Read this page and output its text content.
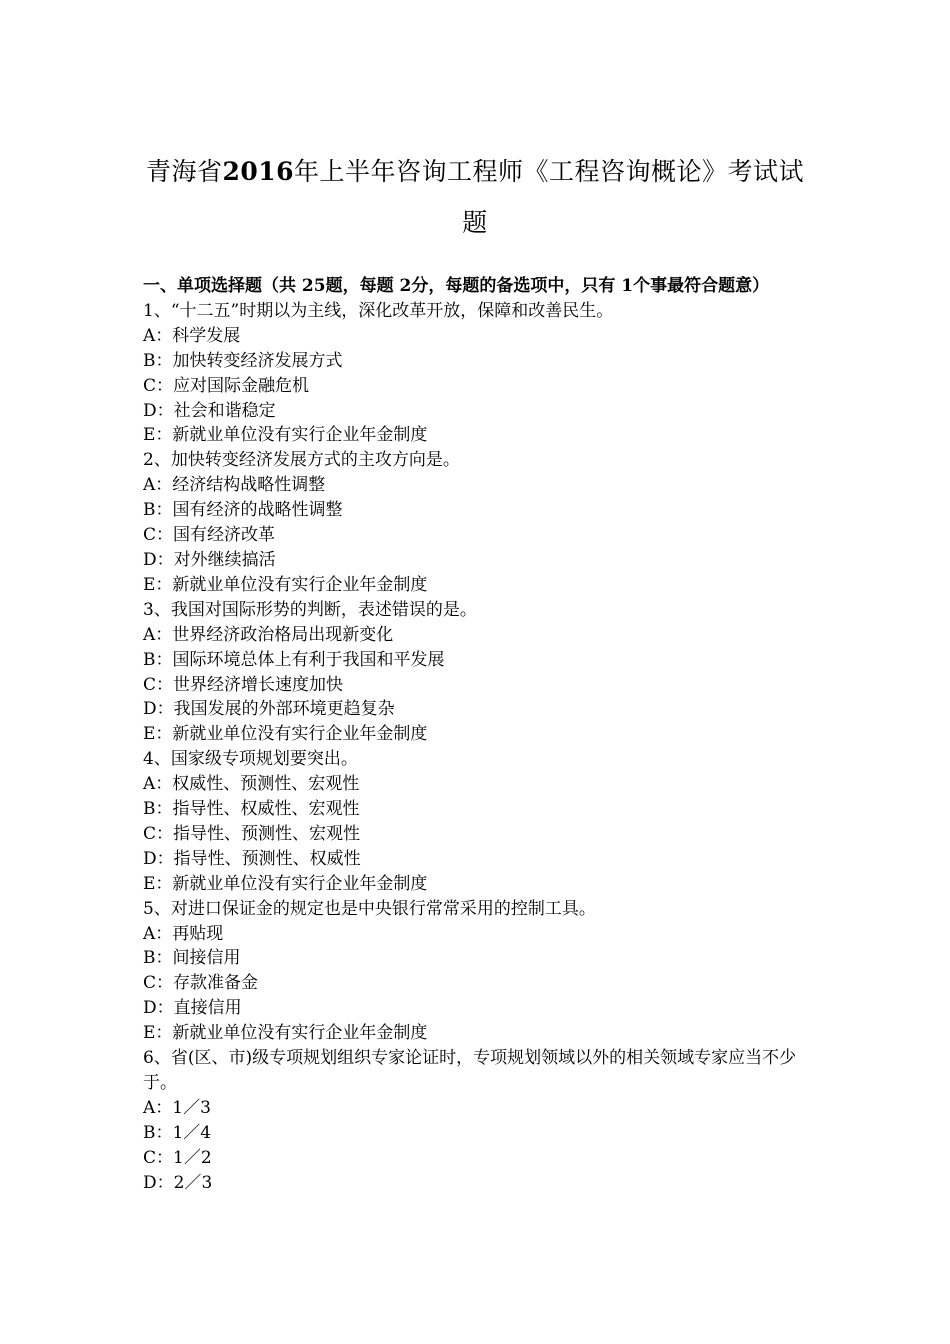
青海省2016年上半年咨询工程师《工程咨询概论》考试试题

一、单项选择题（共 25题，每题 2分，每题的备选项中，只有 1个事最符合题意）

1、“十二五”时期以为主线，深化改革开放，保障和改善民生。

A：科学发展

B：加快转变经济发展方式

C：应对国际金融危机

D：社会和谐稳定

E：新就业单位没有实行企业年金制度

2、加快转变经济发展方式的主攻方向是。

A：经济结构战略性调整

B：国有经济的战略性调整

C：国有经济改革

D：对外继续搞活

E：新就业单位没有实行企业年金制度

3、我国对国际形势的判断，表述错误的是。

A：世界经济政治格局出现新变化

B：国际环境总体上有利于我国和平发展

C：世界经济增长速度加快

D：我国发展的外部环境更趋复杂

E：新就业单位没有实行企业年金制度

4、国家级专项规划要突出。

A：权威性、预测性、宏观性

B：指导性、权威性、宏观性

C：指导性、预测性、宏观性

D：指导性、预测性、权威性

E：新就业单位没有实行企业年金制度

5、对进口保证金的规定也是中央银行常常采用的控制工具。

A：再贴现

B：间接信用

C：存款准备金

D：直接信用

E：新就业单位没有实行企业年金制度

6、省(区、市)级专项规划组织专家论证时，专项规划领域以外的相关领域专家应当不少于。

A：1／3

B：1／4

C：1／2

D：2／3
